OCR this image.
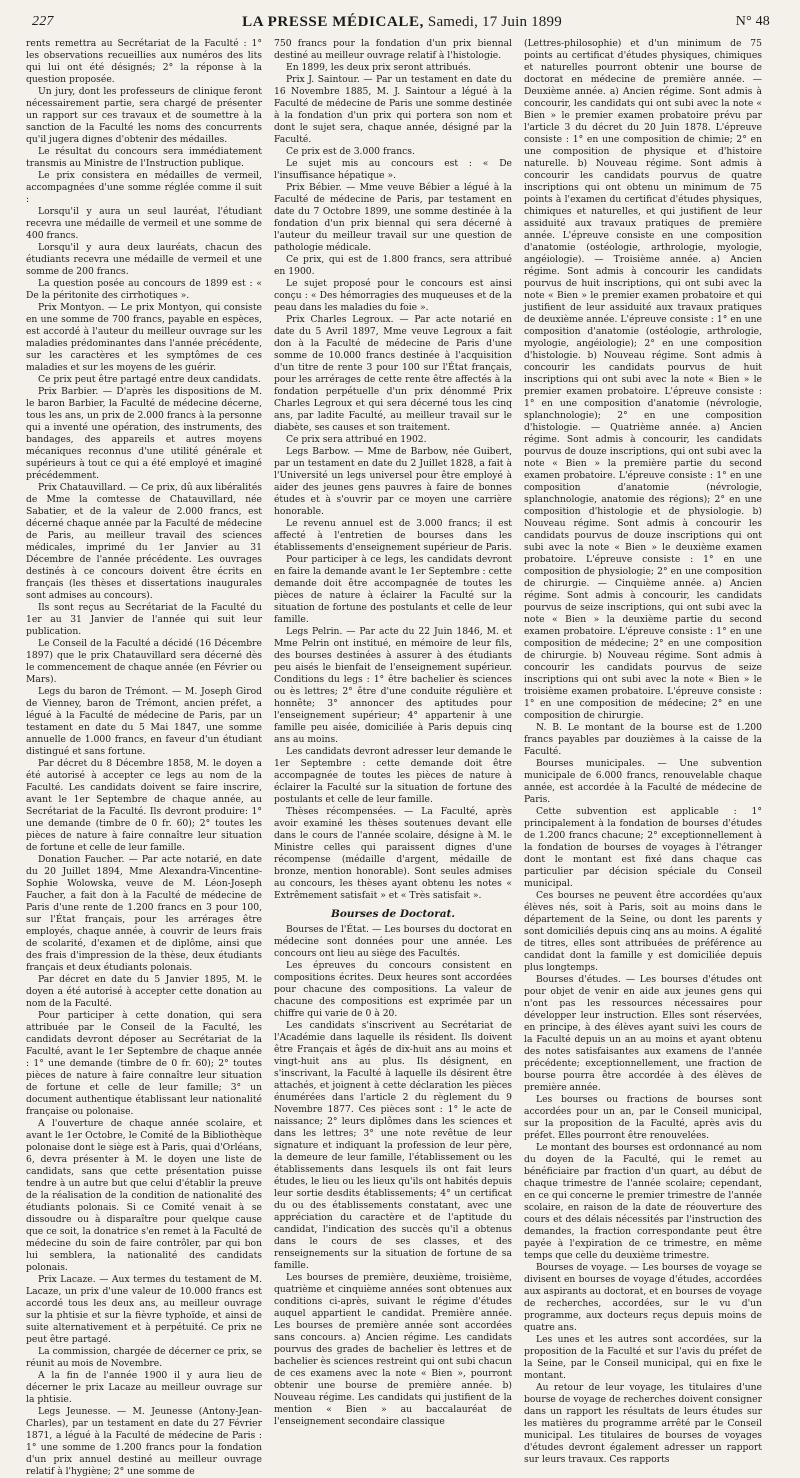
227	LA PRESSE MÉDICALE, Samedi, 17 Juin 1899	N° 48

rents remettra au Secrétariat de la Faculté : 1° les observations recueillies aux numéros des lits qui lui ont été désignés; 2° la réponse à la question proposée.

Un jury, dont les professeurs de clinique feront nécessairement partie, sera chargé de présenter un rapport sur ces travaux et de soumettre à la sanction de la Faculté les noms des concurrents qu'il jugera dignes d'obtenir des médailles.

Le résultat du concours sera immédiatement transmis au Ministre de l'Instruction publique.

Le prix consistera en médailles de vermeil, accompagnées d'une somme réglée comme il suit :

Lorsqu'il y aura un seul lauréat, l'étudiant recevra une médaille de vermeil et une somme de 400 francs.

Lorsqu'il y aura deux lauréats, chacun des étudiants recevra une médaille de vermeil et une somme de 200 francs.

La question posée au concours de 1899 est : « De la péritonite des cirrhotiques ».

Prix Montyon. — Le prix Montyon, qui consiste en une somme de 700 francs, payable en espèces, est accordé à l'auteur du meilleur ouvrage sur les maladies prédominantes dans l'année précédente, sur les caractères et les symptômes de ces maladies et sur les moyens de les guérir.

Ce prix peut être partagé entre deux candidats.

Prix Barbier. — D'après les dispositions de M. le baron Barbier, la Faculté de médecine décerne, tous les ans, un prix de 2.000 francs à la personne qui a inventé une opération, des instruments, des bandages, des appareils et autres moyens mécaniques reconnus d'une utilité générale et supérieurs à tout ce qui a été employé et imaginé précédemment.

Prix Chatauvillard. — Ce prix, dû aux libéralités de Mme la comtesse de Chatauvillard, née Sabatier, et de la valeur de 2.000 francs, est décerné chaque année par la Faculté de médecine de Paris, au meilleur travail des sciences médicales, imprimé du 1er Janvier au 31 Décembre de l'année précédente. Les ouvrages destinés à ce concours doivent être écrits en français (les thèses et dissertations inaugurales sont admises au concours).

Ils sont reçus au Secrétariat de la Faculté du 1er au 31 Janvier de l'année qui suit leur publication.

Le Conseil de la Faculté a décidé (16 Décembre 1897) que le prix Chatauvillard sera décerné dès le commencement de chaque année (en Février ou Mars).

Legs du baron de Trémont. — M. Joseph Girod de Vienney, baron de Trémont, ancien préfet, a légué à la Faculté de médecine de Paris, par un testament en date du 5 Mai 1847, une somme annuelle de 1.000 francs, en faveur d'un étudiant distingué et sans fortune.

Par décret du 8 Décembre 1858, M. le doyen a été autorisé à accepter ce legs au nom de la Faculté. Les candidats doivent se faire inscrire, avant le 1er Septembre de chaque année, au Secrétariat de la Faculté. Ils devront produire: 1° une demande (timbre de 0 fr. 60); 2° toutes les pièces de nature à faire connaître leur situation de fortune et celle de leur famille.

Donation Faucher. — Par acte notarié, en date du 20 Juillet 1894, Mme Alexandra-Vincentine-Sophie Wolowska, veuve de M. Léon-Joseph Faucher, a fait don à la Faculté de médecine de Paris d'une rente de 1.200 francs en 3 pour 100, sur l'État français, pour les arrérages être employés, chaque année, à couvrir de leurs frais de scolarité, d'examen et de diplôme, ainsi que des frais d'impression de la thèse, deux étudiants français et deux étudiants polonais.

Par décret en date du 5 Janvier 1895, M. le doyen a été autorisé à accepter cette donation au nom de la Faculté.

Pour participer à cette donation, qui sera attribuée par le Conseil de la Faculté, les candidats devront déposer au Secrétariat de la Faculté, avant le 1er Septembre de chaque année : 1° une demande (timbre de 0 fr. 60); 2° toutes pièces de nature à faire connaître leur situation de fortune et celle de leur famille; 3° un document authentique établissant leur nationalité française ou polonaise.

A l'ouverture de chaque année scolaire, et avant le 1er Octobre, le Comité de la Bibliothèque polonaise dont le siège est à Paris, quai d'Orléans, 6, devra présenter à M. le doyen une liste de candidats, sans que cette présentation puisse tendre à un autre but que celui d'établir la preuve de la réalisation de la condition de nationalité des étudiants polonais. Si ce Comité venait à se dissoudre ou à disparaître pour quelque cause que ce soit, la donatrice s'en remet à la Faculté de médecine du soin de faire contrôler, par qui bon lui semblera, la nationalité des candidats polonais.

Prix Lacaze. — Aux termes du testament de M. Lacaze, un prix d'une valeur de 10.000 francs est accordé tous les deux ans, au meilleur ouvrage sur la phtisie et sur la fièvre typhoïde, et ainsi de suite alternativement et à perpétuité. Ce prix ne peut être partagé.

La commission, chargée de décerner ce prix, se réunit au mois de Novembre.

A la fin de l'année 1900 il y aura lieu de décerner le prix Lacaze au meilleur ouvrage sur la phtisie.

Legs Jeunesse. — M. Jeunesse (Antony-Jean-Charles), par un testament en date du 27 Février 1871, a légué à la Faculté de médecine de Paris : 1° une somme de 1.200 francs pour la fondation d'un prix annuel destiné au meilleur ouvrage relatif à l'hygiène; 2° une somme de

750 francs pour la fondation d'un prix biennal destiné au meilleur ouvrage relatif à l'histologie.

En 1899, les deux prix seront attribués.

Prix J. Saintour. — Par un testament en date du 16 Novembre 1885, M. J. Saintour a légué à la Faculté de médecine de Paris une somme destinée à la fondation d'un prix qui portera son nom et dont le sujet sera, chaque année, désigné par la Faculté.

Ce prix est de 3.000 francs.

Le sujet mis au concours est : « De l'insuffisance hépatique ».

Prix Bébier. — Mme veuve Bébier a légué à la Faculté de médecine de Paris, par testament en date du 7 Octobre 1899, une somme destinée à la fondation d'un prix biennal qui sera décerné à l'auteur du meilleur travail sur une question de pathologie médicale.

Ce prix, qui est de 1.800 francs, sera attribué en 1900.

Le sujet proposé pour le concours est ainsi conçu : « Des hémorragies des muqueuses et de la peau dans les maladies du foie ».

Prix Charles Legroux. — Par acte notarié en date du 5 Avril 1897, Mme veuve Legroux a fait don à la Faculté de médecine de Paris d'une somme de 10.000 francs destinée à l'acquisition d'un titre de rente 3 pour 100 sur l'État français, pour les arrérages de cette rente être affectés à la fondation perpétuelle d'un prix dénommé Prix Charles Legroux et qui sera décerné tous les cinq ans, par ladite Faculté, au meilleur travail sur le diabète, ses causes et son traitement.

Ce prix sera attribué en 1902.

Legs Barbow. — Mme de Barbow, née Guibert, par un testament en date du 2 Juillet 1828, a fait à l'Université un legs universel pour être employé à aider des jeunes gens pauvres à faire de bonnes études et à s'ouvrir par ce moyen une carrière honorable.

Le revenu annuel est de 3.000 francs; il est affecté à l'entretien de bourses dans les établissements d'enseignement supérieur de Paris.

Pour participer à ce legs, les candidats devront en faire la demande avant le 1er Septembre : cette demande doit être accompagnée de toutes les pièces de nature à éclairer la Faculté sur la situation de fortune des postulants et celle de leur famille.

Legs Pelrin. — Par acte du 22 Juin 1846, M. et Mme Pelrin ont institué, en mémoire de leur fils, des bourses destinées à assurer à des étudiants peu aisés le bienfait de l'enseignement supérieur. Conditions du legs : 1° être bachelier ès sciences ou ès lettres; 2° être d'une conduite régulière et honnête; 3° annoncer des aptitudes pour l'enseignement supérieur; 4° appartenir à une famille peu aisée, domiciliée à Paris depuis cinq ans au moins.

Les candidats devront adresser leur demande le 1er Septembre : cette demande doit être accompagnée de toutes les pièces de nature à éclairer la Faculté sur la situation de fortune des postulants et celle de leur famille.

Thèses récompensées. — La Faculté, après avoir examiné les thèses soutenues devant elle dans le cours de l'année scolaire, désigne à M. le Ministre celles qui paraissent dignes d'une récompense (médaille d'argent, médaille de bronze, mention honorable). Sont seules admises au concours, les thèses ayant obtenu les notes « Extrêmement satisfait » et « Très satisfait ».

Bourses de Doctorat.

Bourses de l'État. — Les bourses du doctorat en médecine sont données pour une année. Les concours ont lieu au siège des Facultés.

Les épreuves du concours consistent en compositions écrites. Deux heures sont accordées pour chacune des compositions. La valeur de chacune des compositions est exprimée par un chiffre qui varie de 0 à 20.

Les candidats s'inscrivent au Secrétariat de l'Académie dans laquelle ils résident. Ils doivent être Français et âgés de dix-huit ans au moins et vingt-huit ans au plus. Ils désignent, en s'inscrivant, la Faculté à laquelle ils désirent être attachés, et joignent à cette déclaration les pièces énumérées dans l'article 2 du règlement du 9 Novembre 1877. Ces pièces sont : 1° le acte de naissance; 2° leurs diplômes dans les sciences et dans les lettres; 3° une note revêtue de leur signature et indiquant la profession de leur père, la demeure de leur famille, l'établissement ou les établissements dans lesquels ils ont fait leurs études, le lieu ou les lieux qu'ils ont habités depuis leur sortie desdits établissements; 4° un certificat du ou des établissements constatant, avec une appréciation du caractère et de l'aptitude du candidat, l'indication des succès qu'il a obtenus dans le cours de ses classes, et des renseignements sur la situation de fortune de sa famille.

Les bourses de première, deuxième, troisième, quatrième et cinquième années sont obtenues aux conditions ci-après, suivant le régime d'études auquel appartient le candidat. Première année. Les bourses de première année sont accordées sans concours. a) Ancien régime. Les candidats pourvus des grades de bachelier ès lettres et de bachelier ès sciences restreint qui ont subi chacun de ces examens avec la note « Bien », pourront obtenir une bourse de première année. b) Nouveau régime. Les candidats qui justifient de la mention « Bien » au baccalauréat de l'enseignement secondaire classique

(Lettres-philosophie) et d'un minimum de 75 points au certificat d'études physiques, chimiques et naturelles pourront obtenir une bourse de doctorat en médecine de première année. — Deuxième année. a) Ancien régime. Sont admis à concourir, les candidats qui ont subi avec la note « Bien » le premier examen probatoire prévu par l'article 3 du décret du 20 Juin 1878. L'épreuve consiste : 1° en une composition de chimie; 2° en une composition de physique et d'histoire naturelle. b) Nouveau régime. Sont admis à concourir les candidats pourvus de quatre inscriptions qui ont obtenu un minimum de 75 points à l'examen du certificat d'études physiques, chimiques et naturelles, et qui justifient de leur assiduité aux travaux pratiques de première année. L'épreuve consiste en une composition d'anatomie (ostéologie, arthrologie, myologie, angéiologie). — Troisième année. a) Ancien régime. Sont admis à concourir les candidats pourvus de huit inscriptions, qui ont subi avec la note « Bien » le premier examen probatoire et qui justifient de leur assiduité aux travaux pratiques de deuxième année. L'épreuve consiste : 1° en une composition d'anatomie (ostéologie, arthrologie, myologie, angéiologie); 2° en une composition d'histologie. b) Nouveau régime. Sont admis à concourir les candidats pourvus de huit inscriptions qui ont subi avec la note « Bien » le premier examen probatoire. L'épreuve consiste : 1° en une composition d'anatomie (névrologie, splanchnologie); 2° en une composition d'histologie. — Quatrième année. a) Ancien régime. Sont admis à concourir, les candidats pourvus de douze inscriptions, qui ont subi avec la note « Bien » la première partie du second examen probatoire. L'épreuve consiste : 1° en une composition d'anatomie (névrologie, splanchnologie, anatomie des régions); 2° en une composition d'histologie et de physiologie. b) Nouveau régime. Sont admis à concourir les candidats pourvus de douze inscriptions qui ont subi avec la note « Bien » le deuxième examen probatoire. L'épreuve consiste : 1° en une composition de physiologie; 2° en une composition de chirurgie. — Cinquième année. a) Ancien régime. Sont admis à concourir, les candidats pourvus de seize inscriptions, qui ont subi avec la note « Bien » la deuxième partie du second examen probatoire. L'épreuve consiste : 1° en une composition de médecine; 2° en une composition de chirurgie. b) Nouveau régime. Sont admis à concourir les candidats pourvus de seize inscriptions qui ont subi avec la note « Bien » le troisième examen probatoire. L'épreuve consiste : 1° en une composition de médecine; 2° en une composition de chirurgie.

N. B. Le montant de la bourse est de 1.200 francs payables par douzièmes à la caisse de la Faculté.

Bourses municipales. — Une subvention municipale de 6.000 francs, renouvelable chaque année, est accordée à la Faculté de médecine de Paris.

Cette subvention est applicable : 1° principalement à la fondation de bourses d'études de 1.200 francs chacune; 2° exceptionnellement à la fondation de bourses de voyages à l'étranger dont le montant est fixé dans chaque cas particulier par décision spéciale du Conseil municipal.

Ces bourses ne peuvent être accordées qu'aux élèves nés, soit à Paris, soit au moins dans le département de la Seine, ou dont les parents y sont domiciliés depuis cinq ans au moins. A égalité de titres, elles sont attribuées de préférence au candidat dont la famille y est domiciliée depuis plus longtemps.

Bourses d'études. — Les bourses d'études ont pour objet de venir en aide aux jeunes gens qui n'ont pas les ressources nécessaires pour développer leur instruction. Elles sont réservées, en principe, à des élèves ayant suivi les cours de la Faculté depuis un an au moins et ayant obtenu des notes satisfaisantes aux examens de l'année précédente; exceptionnellement, une fraction de bourse pourra être accordée à des élèves de première année.

Les bourses ou fractions de bourses sont accordées pour un an, par le Conseil municipal, sur la proposition de la Faculté, après avis du préfet. Elles pourront être renouvelées.

Le montant des bourses est ordonnancé au nom du doyen de la Faculté, qui le remet au bénéficiaire par fraction d'un quart, au début de chaque trimestre de l'année scolaire; cependant, en ce qui concerne le premier trimestre de l'année scolaire, en raison de la date de réouverture des cours et des délais nécessités par l'instruction des demandes, la fraction correspondante peut être payée à l'expiration de ce trimestre, en même temps que celle du deuxième trimestre.

Bourses de voyage. — Les bourses de voyage se divisent en bourses de voyage d'études, accordées aux aspirants au doctorat, et en bourses de voyage de recherches, accordées, sur le vu d'un programme, aux docteurs reçus depuis moins de quatre ans.

Les unes et les autres sont accordées, sur la proposition de la Faculté et sur l'avis du préfet de la Seine, par le Conseil municipal, qui en fixe le montant.

Au retour de leur voyage, les titulaires d'une bourse de voyage de recherches doivent consigner dans un rapport les résultats de leurs études sur les matières du programme arrêté par le Conseil municipal. Les titulaires de bourses de voyages d'études devront également adresser un rapport sur leurs travaux. Ces rapports
